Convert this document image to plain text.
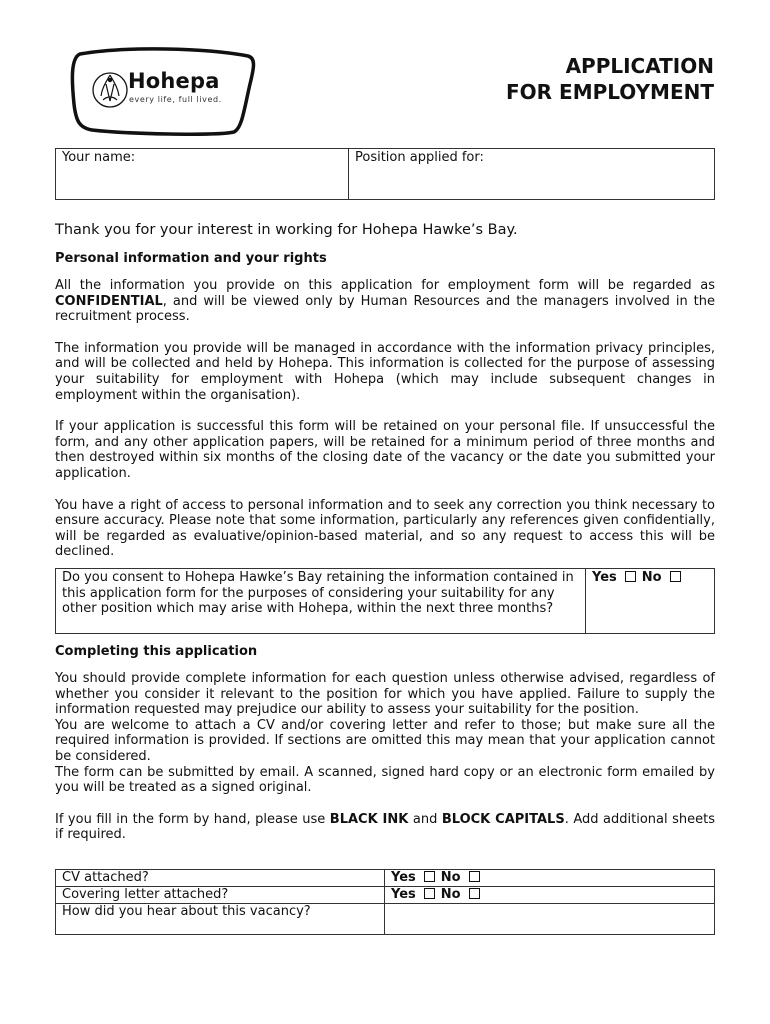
Hohepa
every life, full lived.
APPLICATION
FOR EMPLOYMENT
Your name:	Position applied for:
Thank you for your interest in working for Hohepa Hawke’s Bay.
Personal information and your rights

All the information you provide on this application for employment form will be regarded as CONFIDENTIAL, and will be viewed only by Human Resources and the managers involved in the recruitment process.

The information you provide will be managed in accordance with the information privacy principles, and will be collected and held by Hohepa. This information is collected for the purpose of assessing your suitability for employment with Hohepa (which may include subsequent changes in employment within the organisation).

If your application is successful this form will be retained on your personal file. If unsuccessful the form, and any other application papers, will be retained for a minimum period of three months and then destroyed within six months of the closing date of the vacancy or the date you submitted your application.

You have a right of access to personal information and to seek any correction you think necessary to ensure accuracy. Please note that some information, particularly any references given confidentially, will be regarded as evaluative/opinion-based material, and so any request to access this will be declined.

Do you consent to Hohepa Hawke’s Bay retaining the information contained in this application form for the purposes of considering your suitability for any other position which may arise with Hohepa, within the next three months?	Yes No
Completing this application

You should provide complete information for each question unless otherwise advised, regardless of whether you consider it relevant to the position for which you have applied. Failure to supply the information requested may prejudice our ability to assess your suitability for the position.

You are welcome to attach a CV and/or covering letter and refer to those; but make sure all the required information is provided. If sections are omitted this may mean that your application cannot be considered.

The form can be submitted by email. A scanned, signed hard copy or an electronic form emailed by you will be treated as a signed original.

If you fill in the form by hand, please use BLACK INK and BLOCK CAPITALS. Add additional sheets if required.

CV attached?	Yes No
Covering letter attached?	Yes No
How did you hear about this vacancy?	
